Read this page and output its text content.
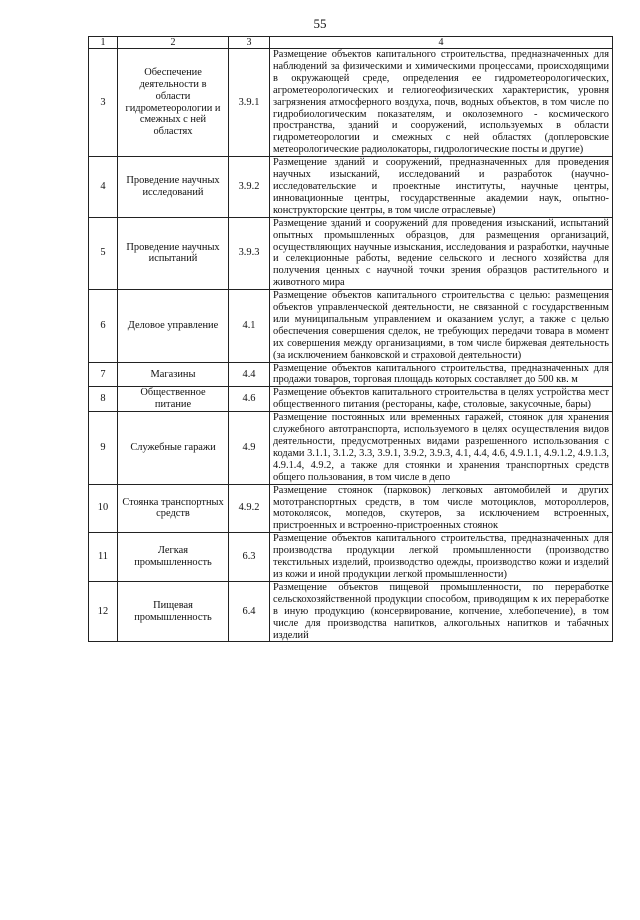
55
1	2	3	4
3	Обеспечение деятельности в области гидрометеорологии и смежных с ней областях	3.9.1	Размещение объектов капитального строительства, предназначенных для наблюдений за физическими и химическими процессами, происходящими в окружающей среде, определения ее гидрометеорологических, агрометеорологических и гелиогеофизических характеристик, уровня загрязнения атмосферного воздуха, почв, водных объектов, в том числе по гидробиологическим показателям, и околоземного - космического пространства, зданий и сооружений, используемых в области гидрометеорологии и смежных с ней областях (доплеровские метеорологические радиолокаторы, гидрологические посты и другие)
4	Проведение научных исследований	3.9.2	Размещение зданий и сооружений, предназначенных для проведения научных изысканий, исследований и разработок (научно-исследовательские и проектные институты, научные центры, инновационные центры, государственные академии наук, опытно-конструкторские центры, в том числе отраслевые)
5	Проведение научных испытаний	3.9.3	Размещение зданий и сооружений для проведения изысканий, испытаний опытных промышленных образцов, для размещения организаций, осуществляющих научные изыскания, исследования и разработки, научные и селекционные работы, ведение сельского и лесного хозяйства для получения ценных с научной точки зрения образцов растительного и животного мира
6	Деловое управление	4.1	Размещение объектов капитального строительства с целью: размещения объектов управленческой деятельности, не связанной с государственным или муниципальным управлением и оказанием услуг, а также с целью обеспечения совершения сделок, не требующих передачи товара в момент их совершения между организациями, в том числе биржевая деятельность (за исключением банковской и страховой деятельности)
7	Магазины	4.4	Размещение объектов капитального строительства, предназначенных для продажи товаров, торговая площадь которых составляет до 500 кв. м
8	Общественное питание	4.6	Размещение объектов капитального строительства в целях устройства мест общественного питания (рестораны, кафе, столовые, закусочные, бары)
9	Служебные гаражи	4.9	Размещение постоянных или временных гаражей, стоянок для хранения служебного автотранспорта, используемого в целях осуществления видов деятельности, предусмотренных видами разрешенного использования с кодами 3.1.1, 3.1.2, 3.3, 3.9.1, 3.9.2, 3.9.3, 4.1, 4.4, 4.6, 4.9.1.1, 4.9.1.2, 4.9.1.3, 4.9.1.4, 4.9.2, а также для стоянки и хранения транспортных средств общего пользования, в том числе в депо
10	Стоянка транспортных средств	4.9.2	Размещение стоянок (парковок) легковых автомобилей и других мототранспортных средств, в том числе мотоциклов, мотороллеров, мотоколясок, мопедов, скутеров, за исключением встроенных, пристроенных и встроенно-пристроенных стоянок
11	Легкая промышленность	6.3	Размещение объектов капитального строительства, предназначенных для производства продукции легкой промышленности (производство текстильных изделий, производство одежды, производство кожи и изделий из кожи и иной продукции легкой промышленности)
12	Пищевая промышленность	6.4	Размещение объектов пищевой промышленности, по переработке сельскохозяйственной продукции способом, приводящим к их переработке в иную продукцию (консервирование, копчение, хлебопечение), в том числе для производства напитков, алкогольных напитков и табачных изделий
